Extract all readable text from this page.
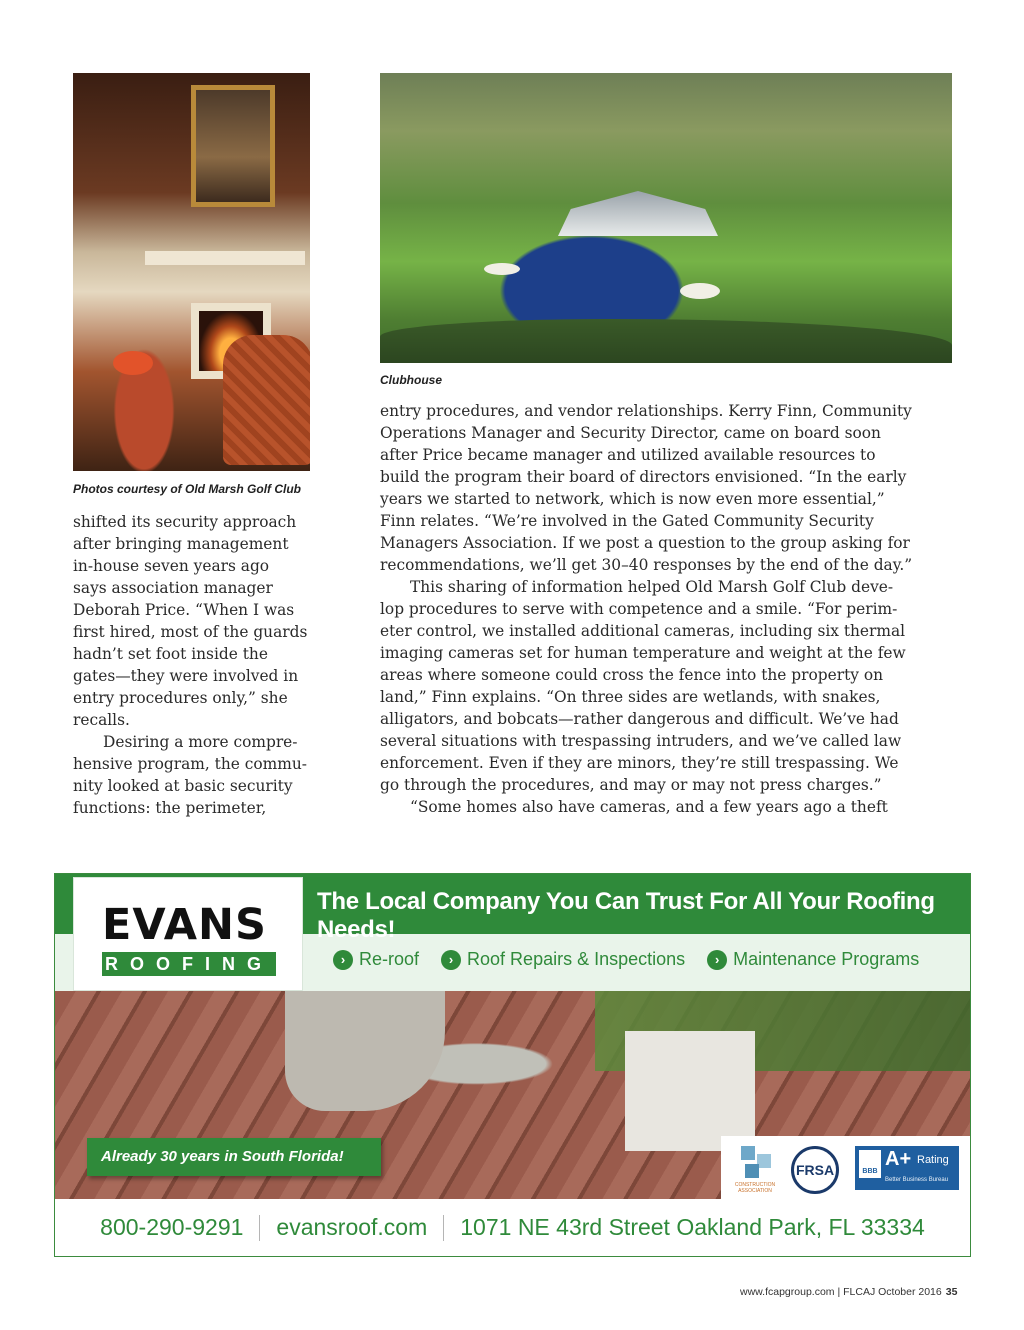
Clubhouse
Photos courtesy of Old Marsh Golf Club

shifted its security approach

after bringing management

in-house seven years ago

says association manager

Deborah Price. “When I was

first hired, most of the guards

hadn’t set foot inside the

gates—they were involved in

entry procedures only,” she

recalls.

Desiring a more compre-

hensive program, the commu-

nity looked at basic security

functions: the perimeter,

entry procedures, and vendor relationships. Kerry Finn, Community

Operations Manager and Security Director, came on board soon

after Price became manager and utilized available resources to

build the program their board of directors envisioned. “In the early

years we started to network, which is now even more essential,”

Finn relates. “We’re involved in the Gated Community Security

Managers Association. If we post a question to the group asking for

recommendations, we’ll get 30–40 responses by the end of the day.”

This sharing of information helped Old Marsh Golf Club deve-

lop procedures to serve with competence and a smile. “For perim-

eter control, we installed additional cameras, including six thermal

imaging cameras set for human temperature and weight at the few

areas where someone could cross the fence into the property on

land,” Finn explains. “On three sides are wetlands, with snakes,

alligators, and bobcats—rather dangerous and difficult. We’ve had

several situations with trespassing intruders, and we’ve called law

enforcement. Even if they are minors, they’re still trespassing. We

go through the procedures, and may or may not press charges.”

“Some homes also have cameras, and a few years ago a theft

EVANS
ROOFING
The Local Company You Can Trust For All Your Roofing Needs!
› Re-roof	› Roof Repairs & Inspections	› Maintenance Programs
Already 30 years in South Florida!
CONSTRUCTION ASSOCIATION
FRSA	BBB
A+ Rating
Better Business Bureau
800-290-9291 evansroof.com 1071 NE 43rd Street Oakland Park, FL 33334
www.fcapgroup.com | FLCAJ October 2016 35
